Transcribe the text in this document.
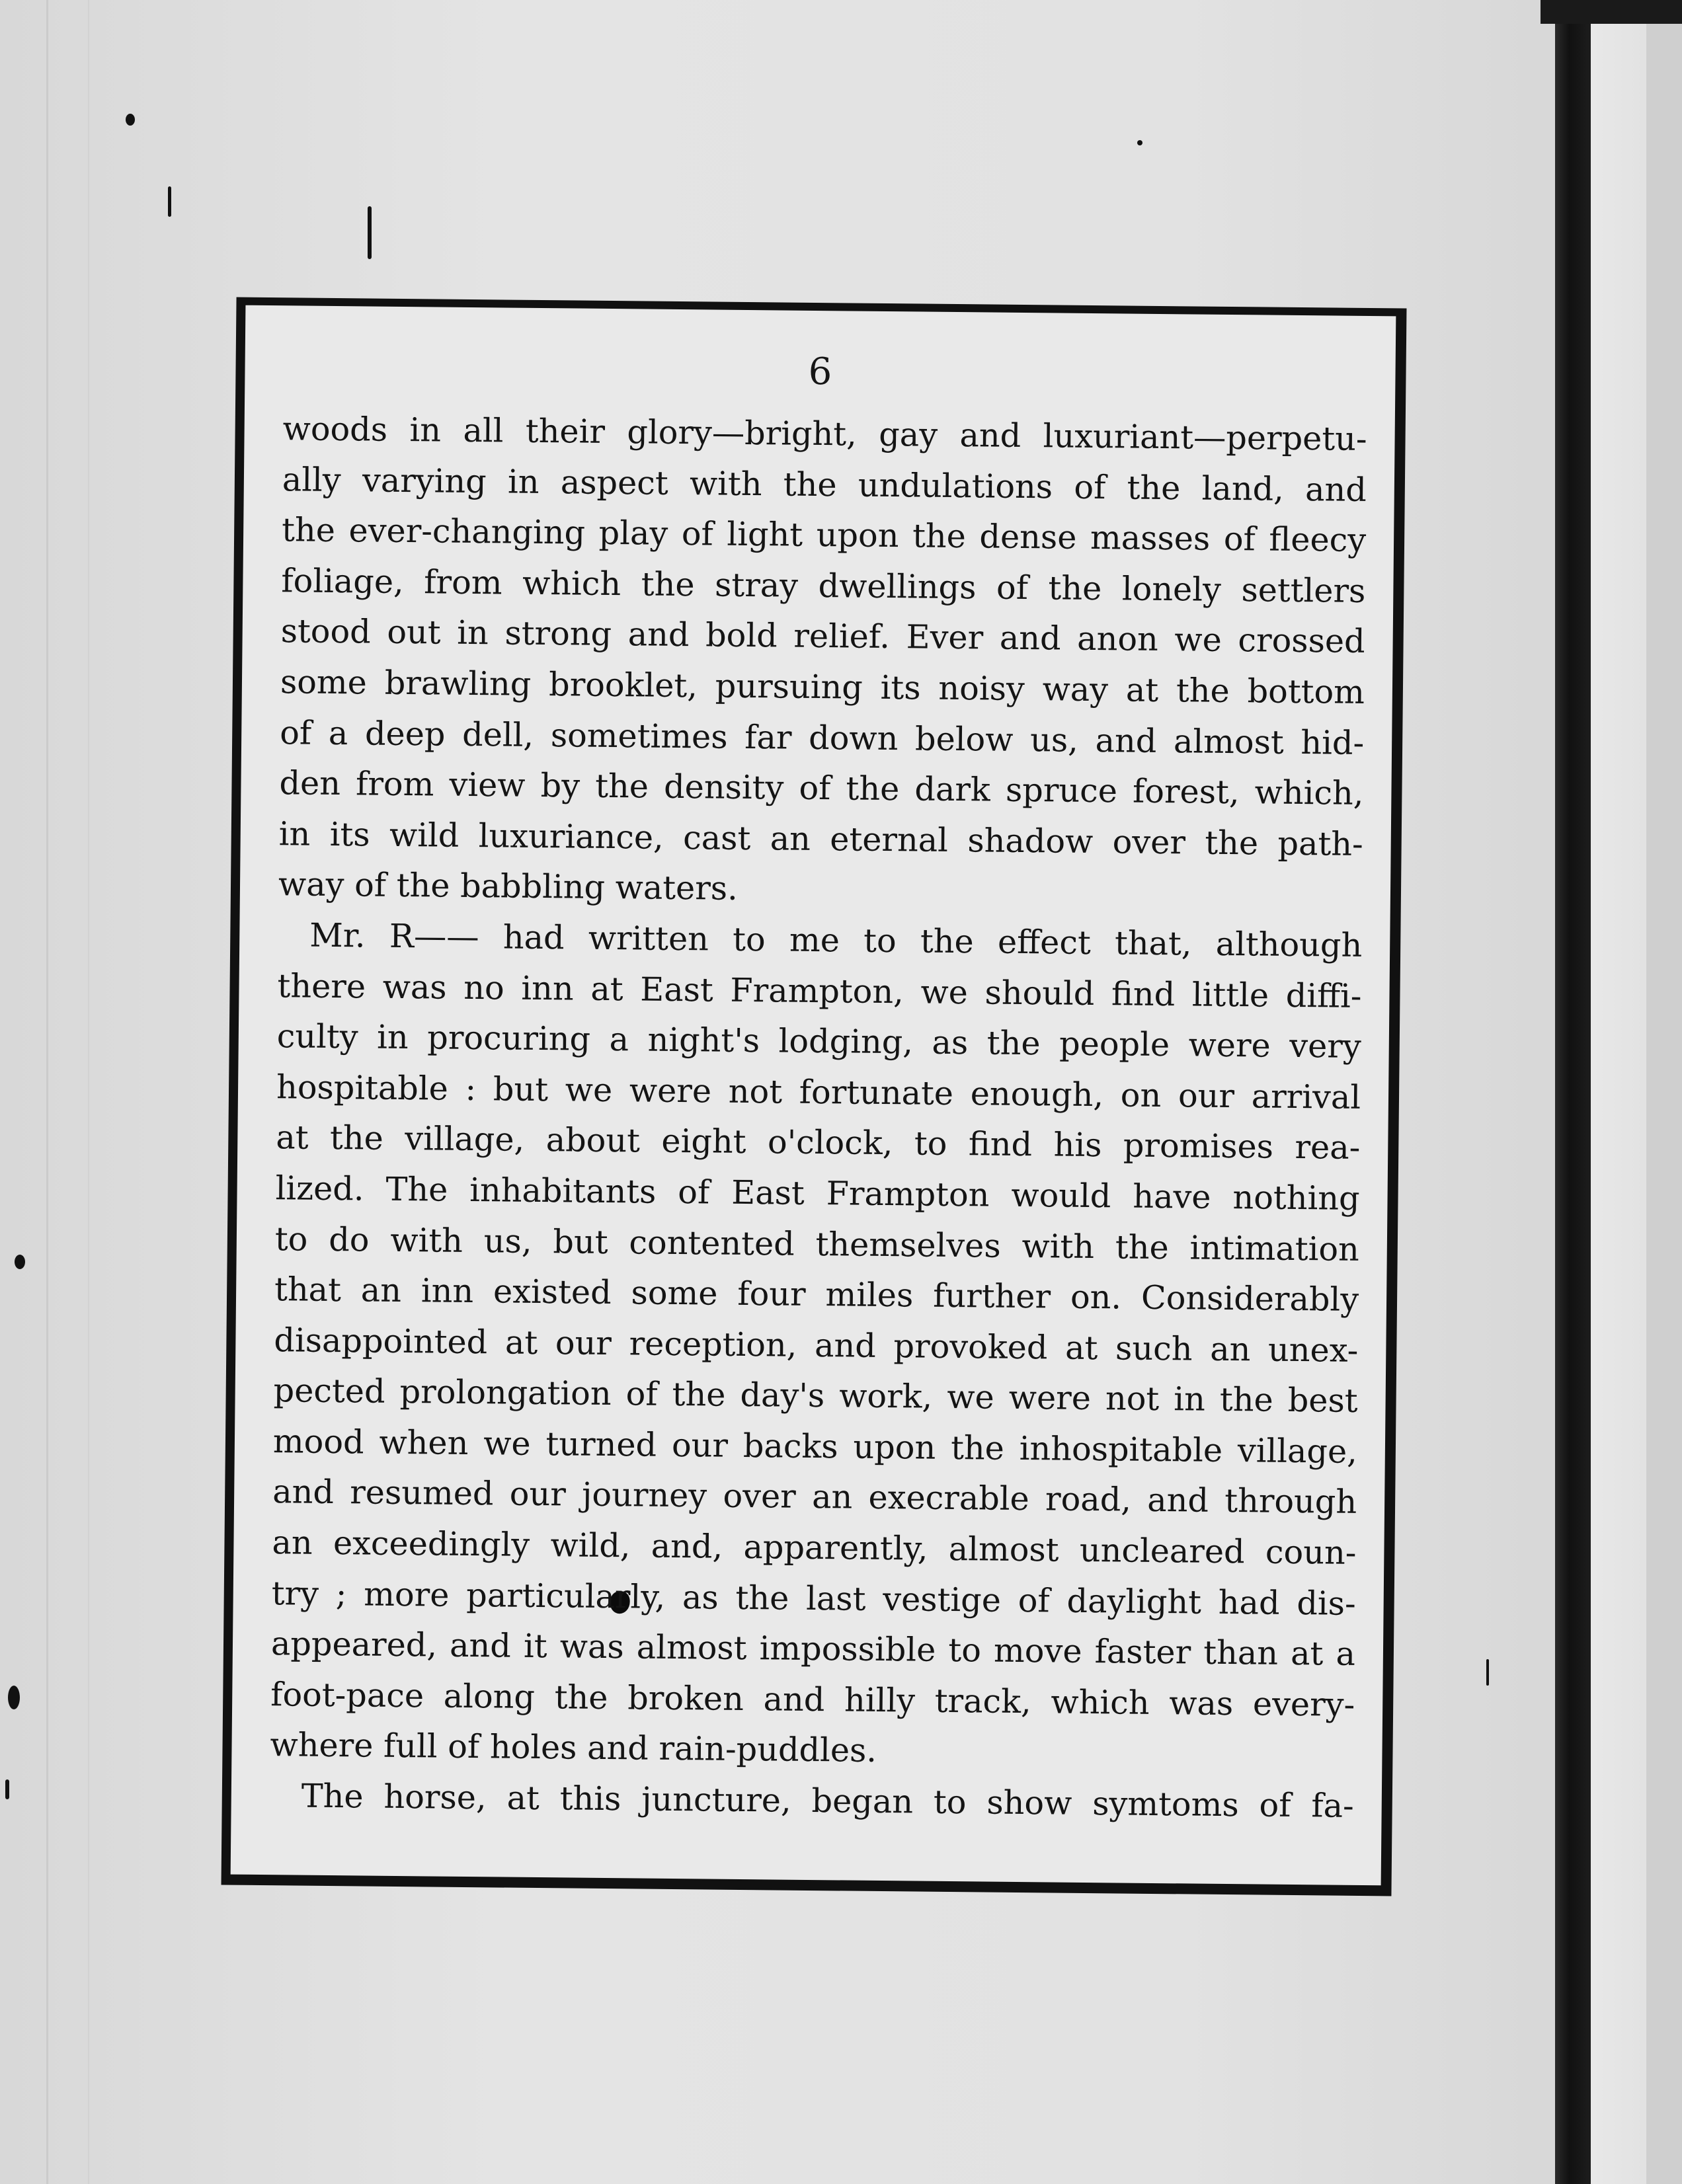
6
woods in all their glory—bright, gay and luxuriant—perpetu-
ally varying in aspect with the undulations of the land, and
the ever-changing play of light upon the dense masses of fleecy
foliage, from which the stray dwellings of the lonely settlers
stood out in strong and bold relief. Ever and anon we crossed
some brawling brooklet, pursuing its noisy way at the bottom
of a deep dell, sometimes far down below us, and almost hid-
den from view by the density of the dark spruce forest, which,
in its wild luxuriance, cast an eternal shadow over the path-
way of the babbling waters.
Mr. R—— had written to me to the effect that, although
there was no inn at East Frampton, we should find little diffi-
culty in procuring a night's lodging, as the people were very
hospitable : but we were not fortunate enough, on our arrival
at the village, about eight o'clock, to find his promises rea-
lized. The inhabitants of East Frampton would have nothing
to do with us, but contented themselves with the intimation
that an inn existed some four miles further on. Considerably
disappointed at our reception, and provoked at such an unex-
pected prolongation of the day's work, we were not in the best
mood when we turned our backs upon the inhospitable village,
and resumed our journey over an execrable road, and through
an exceedingly wild, and, apparently, almost uncleared coun-
try ; more particularly, as the last vestige of daylight had dis-
appeared, and it was almost impossible to move faster than at a
foot-pace along the broken and hilly track, which was every-
where full of holes and rain-puddles.
The horse, at this juncture, began to show symtoms of fa-
